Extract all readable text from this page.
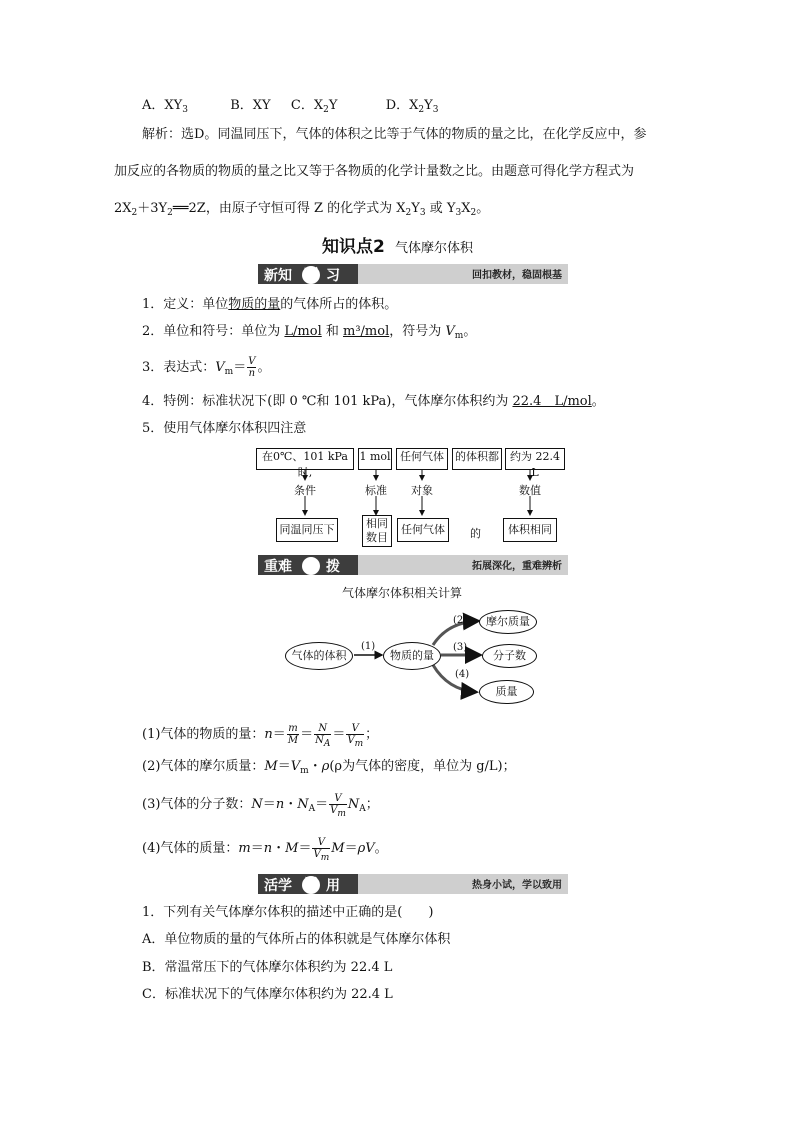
A．$XY_3$	B．XY C．$X_2Y$	D．$X_2Y_3$
解析：选D。同温同压下，气体的体积之比等于气体的物质的量之比，在化学反应中，参
加反应的各物质的物质的量之比又等于各物质的化学计量数之比。由题意可得化学方程式为
$2X_2+3Y_2══2Z$，由原子守恒可得 Z 的化学式为 $X_2Y_3$ 或 $Y_3X_2$。
知识点2 气体摩尔体积
新知 预 习	回扣教材，稳固根基
1．定义：单位物质的量的气体所占的体积。
2．单位和符号：单位为 L/mol 和 m³/mol，符号为 $V_m$。
3．表达式：$V_m= \frac{V}{n}$ 。
4．特例：标准状况下(即 0 ℃和 101 kPa)，气体摩尔体积约为 22.4　L/mol。
5．使用气体摩尔体积四注意
在0℃、101 kPa 时,
1 mol 任何气体	的体积都	约为 22.4 L
条件	标准 对象	数值
同温同压下	相同
数目
任何气体	的	体积相同
重难 点 拨	拓展深化，重难辨析
气体摩尔体积相关计算
气体的体积	物质的量
摩尔质量
分子数
质量
(1)
(2)
(3)
(4)
(1)气体的物质的量：$n= \frac{m}{M} = \frac{N}{N_A} = \frac{V}{V_m}$ ；
(2)气体的摩尔质量：$M=V_m$・ρ(ρ为气体的密度，单位为 g/L)；
(3)气体的分子数：N＝n・$N_A= \frac{V}{V_m} N_A$；
(4)气体的质量：m＝n・$M= \frac{V}{V_m} M=\rho V$。
活学 活 用	热身小试，学以致用
1．下列有关气体摩尔体积的描述中正确的是(　　)
A．单位物质的量的气体所占的体积就是气体摩尔体积
B．常温常压下的气体摩尔体积约为 22.4 L
C．标准状况下的气体摩尔体积约为 22.4 L
